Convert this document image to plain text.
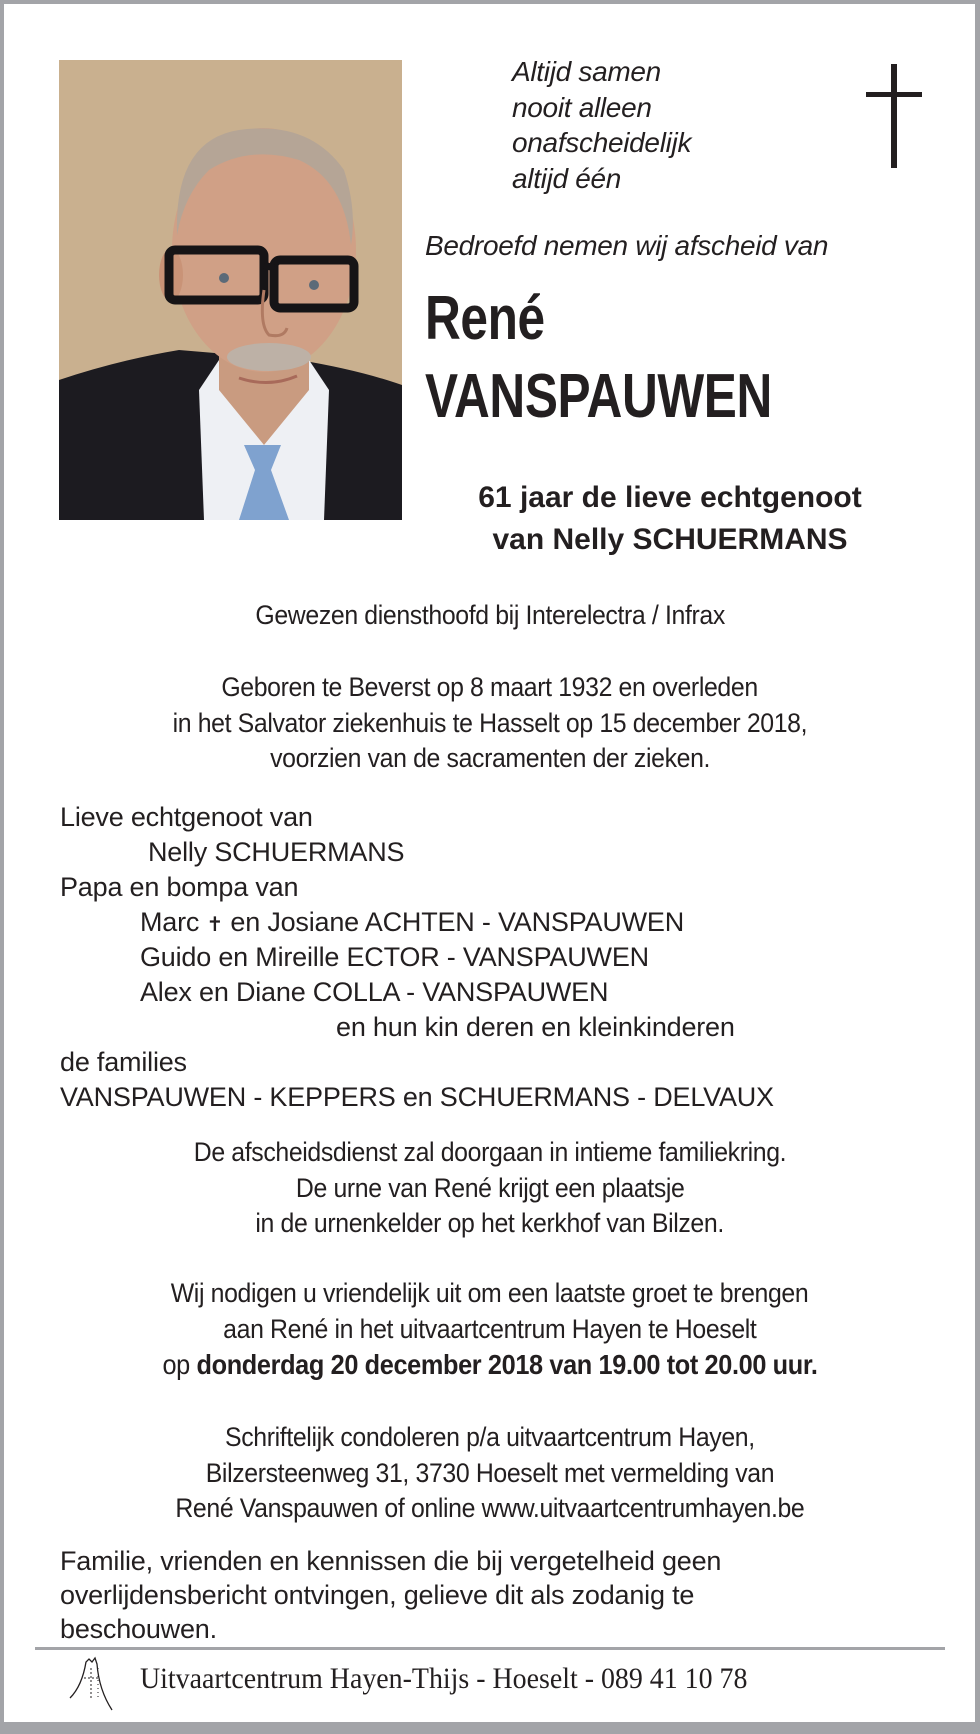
Altijd samen
nooit alleen
onafscheidelijk
altijd één
Bedroefd nemen wij afscheid van
René
VANSPAUWEN
61 jaar de lieve echtgenoot
van Nelly SCHUERMANS
Gewezen diensthoofd bij Interelectra / Infrax
Geboren te Beverst op 8 maart 1932 en overleden
in het Salvator ziekenhuis te Hasselt op 15 december 2018,
voorzien van de sacramenten der zieken.
Lieve echtgenoot van
Nelly SCHUERMANS
Papa en bompa van
Marc ✝ en Josiane ACHTEN - VANSPAUWEN
Guido en Mireille ECTOR - VANSPAUWEN
Alex en Diane COLLA - VANSPAUWEN
en hun kin deren en kleinkinderen
de families
VANSPAUWEN - KEPPERS en SCHUERMANS - DELVAUX
De afscheidsdienst zal doorgaan in intieme familiekring.
De urne van René krijgt een plaatsje
in de urnenkelder op het kerkhof van Bilzen.
Wij nodigen u vriendelijk uit om een laatste groet te brengen
aan René in het uitvaartcentrum Hayen te Hoeselt
op donderdag 20 december 2018 van 19.00 tot 20.00 uur.
Schriftelijk condoleren p/a uitvaartcentrum Hayen,
Bilzersteenweg 31, 3730 Hoeselt met vermelding van
René Vanspauwen of online www.uitvaartcentrumhayen.be
Familie, vrienden en kennissen die bij vergetelheid geen
overlijdensbericht ontvingen, gelieve dit als zodanig te
beschouwen.
Uitvaartcentrum Hayen-Thijs - Hoeselt - 089 41 10 78
